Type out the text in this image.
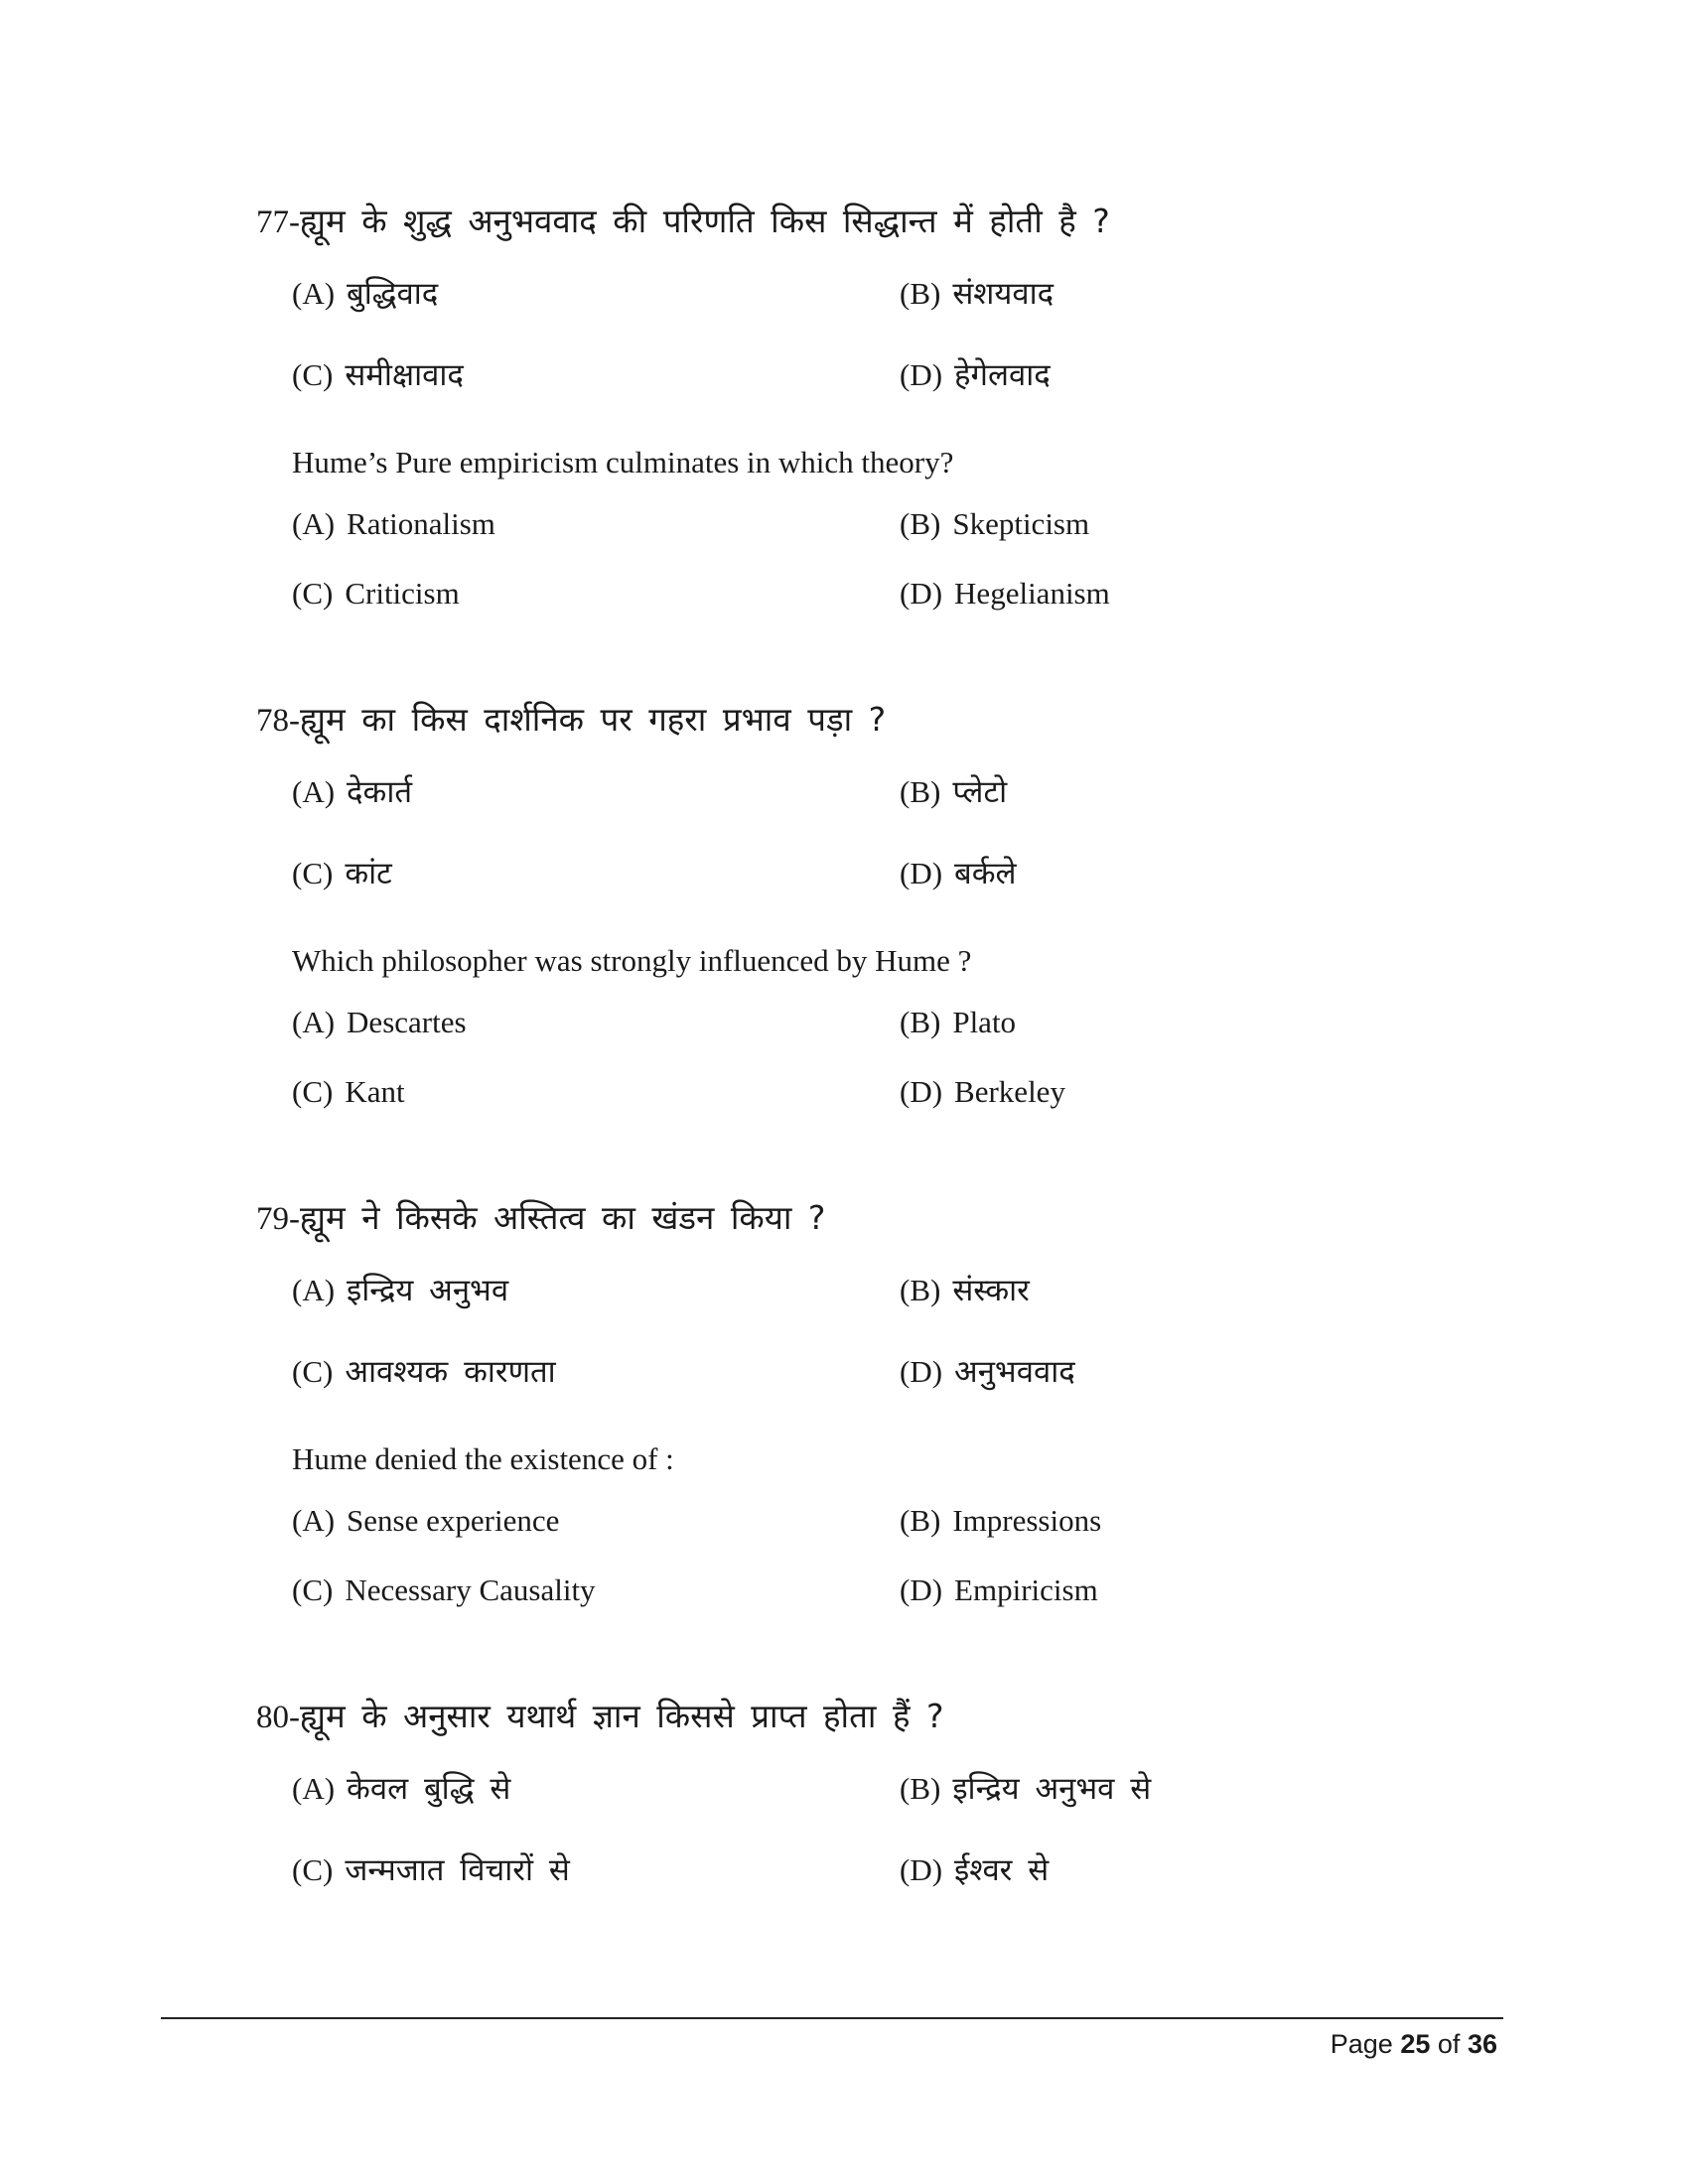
77-ह्यूम के शुद्ध अनुभववाद की परिणति किस सिद्धान्त में होती है ?
(A) बुद्धिवाद	(B) संशयवाद
(C) समीक्षावाद	(D) हेगेलवाद
Hume’s Pure empiricism culminates in which theory?
(A) Rationalism	(B) Skepticism
(C) Criticism	(D) Hegelianism
78-ह्यूम का किस दार्शनिक पर गहरा प्रभाव पड़ा ?
(A) देकार्त	(B) प्लेटो
(C) कांट	(D) बर्कले
Which philosopher was strongly influenced by Hume ?
(A) Descartes	(B) Plato
(C) Kant	(D) Berkeley
79-ह्यूम ने किसके अस्तित्व का खंडन किया ?
(A) इन्द्रिय अनुभव	(B) संस्कार
(C) आवश्यक कारणता	(D) अनुभववाद
Hume denied the existence of :
(A) Sense experience	(B) Impressions
(C) Necessary Causality	(D) Empiricism
80-ह्यूम के अनुसार यथार्थ ज्ञान किससे प्राप्त होता हैं ?
(A) केवल बुद्धि से	(B) इन्द्रिय अनुभव से
(C) जन्मजात विचारों से	(D) ईश्वर से
Page 25 of 36
